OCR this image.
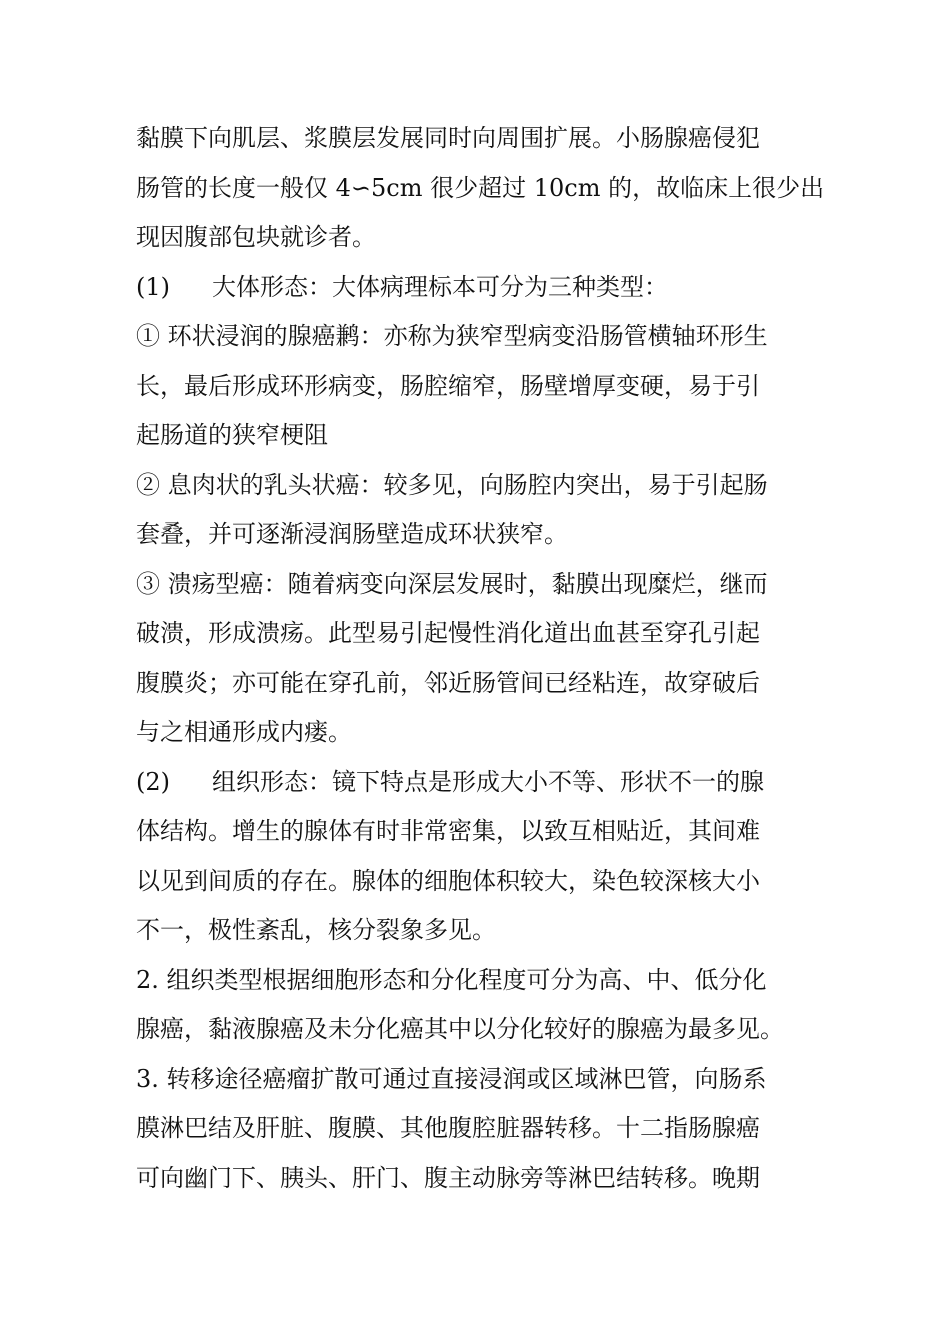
黏膜下向肌层、浆膜层发展同时向周围扩展。小肠腺癌侵犯
肠管的长度一般仅 4∽5cm 很少超过 10cm 的，故临床上很少出
现因腹部包块就诊者。
(1) 大体形态：大体病理标本可分为三种类型：
① 环状浸润的腺癌鹣：亦称为狭窄型病变沿肠管横轴环形生
长，最后形成环形病变，肠腔缩窄，肠壁增厚变硬，易于引
起肠道的狭窄梗阻
② 息肉状的乳头状癌：较多见，向肠腔内突出，易于引起肠
套叠，并可逐渐浸润肠壁造成环状狭窄。
③ 溃疡型癌：随着病变向深层发展时，黏膜出现糜烂，继而
破溃，形成溃疡。此型易引起慢性消化道出血甚至穿孔引起
腹膜炎；亦可能在穿孔前，邻近肠管间已经粘连，故穿破后
与之相通形成内瘘。
(2) 组织形态：镜下特点是形成大小不等、形状不一的腺
体结构。增生的腺体有时非常密集，以致互相贴近，其间难
以见到间质的存在。腺体的细胞体积较大，染色较深核大小
不一，极性紊乱，核分裂象多见。
2. 组织类型根据细胞形态和分化程度可分为高、中、低分化
腺癌，黏液腺癌及未分化癌其中以分化较好的腺癌为最多见。
3. 转移途径癌瘤扩散可通过直接浸润或区域淋巴管，向肠系
膜淋巴结及肝脏、腹膜、其他腹腔脏器转移。十二指肠腺癌
可向幽门下、胰头、肝门、腹主动脉旁等淋巴结转移。晚期
